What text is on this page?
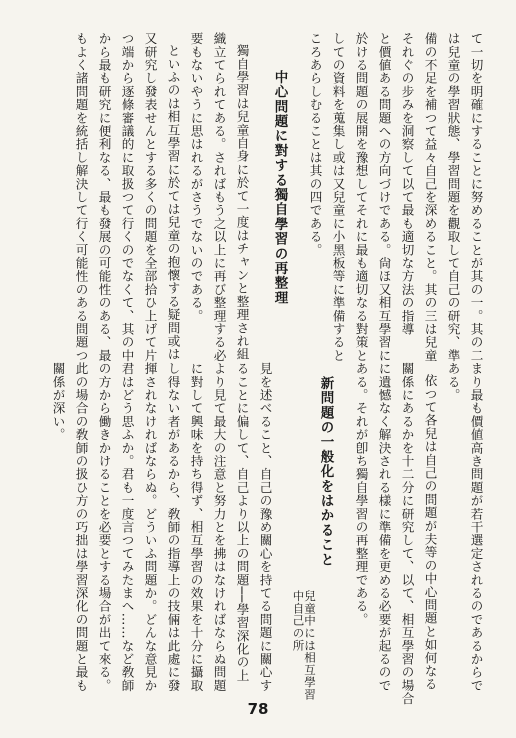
て一切を明確にすることに努めることが其の一。其の二
は兒童の學習狀態、學習問題を觀取して自己の研究、準
備の不足を補つて益々自己を深めること。其の三は兒童
それぐの步みを洞察して以て最も適切な方法の指導
と價値ある問題への方向づけである。尙ほ又相互學習に
於ける問題の展開を豫想してそれに最も適切なる對策と
しての資料を蒐集し或は又兒童に小黑板等に準備すると
ころあらしむることは其の四である。
中心問題に對する獨自學習の再整理
獨自學習は兒童自身に於て一度はチャンと整理され組
織立てられてある。さればもう之以上に再び整理する必
要もないやうに思はれるがさうでないのである。
といふのは相互學習に於ては兒童の抱懷する疑問或は
又研究し發表せんとする多くの問題を全部拾ひ上げて片
つ端から逐條審議的に取扱つて行くのでなくて、其の中
から最も研究に便利なる、最も發展の可能性のある、最
もよく諸問題を統括し解決して行く可能性のある問題つ
まり最も價値高き問題が若干選定されるのであるからで
ある。
依つて各兒は自己の問題が夫等の中心問題と如何なる
關係にあるかを十二分に研究して、以て、相互學習の場合
に遺憾なく解決される樣に準備を更める必要が起るので
ある。それが卽ち獨自學習の再整理である。
新問題の一般化をはかること
兒童中には相互學習中自己の所
見を述べること、自己の豫め關心を持てる問題に關心す
ることに偏して、自己より以上の問題──學習深化の上
より見て最大の注意と努力とを拂はなければならぬ問題
に對して興味を持ち得ず、相互學習の效果を十分に攝取
し得ない者があるから、敎師の指導上の技倆は此處に發
揮されなければならぬ。どういふ問題か。どんな意見か
君はどう思ふか。君も一度言つてみたまへ……など敎師
の方から働きかけることを必要とする場合が出て來る。
此の場合の敎師の扱ひ方の巧拙は學習深化の問題と最も
關係が深い。
78
